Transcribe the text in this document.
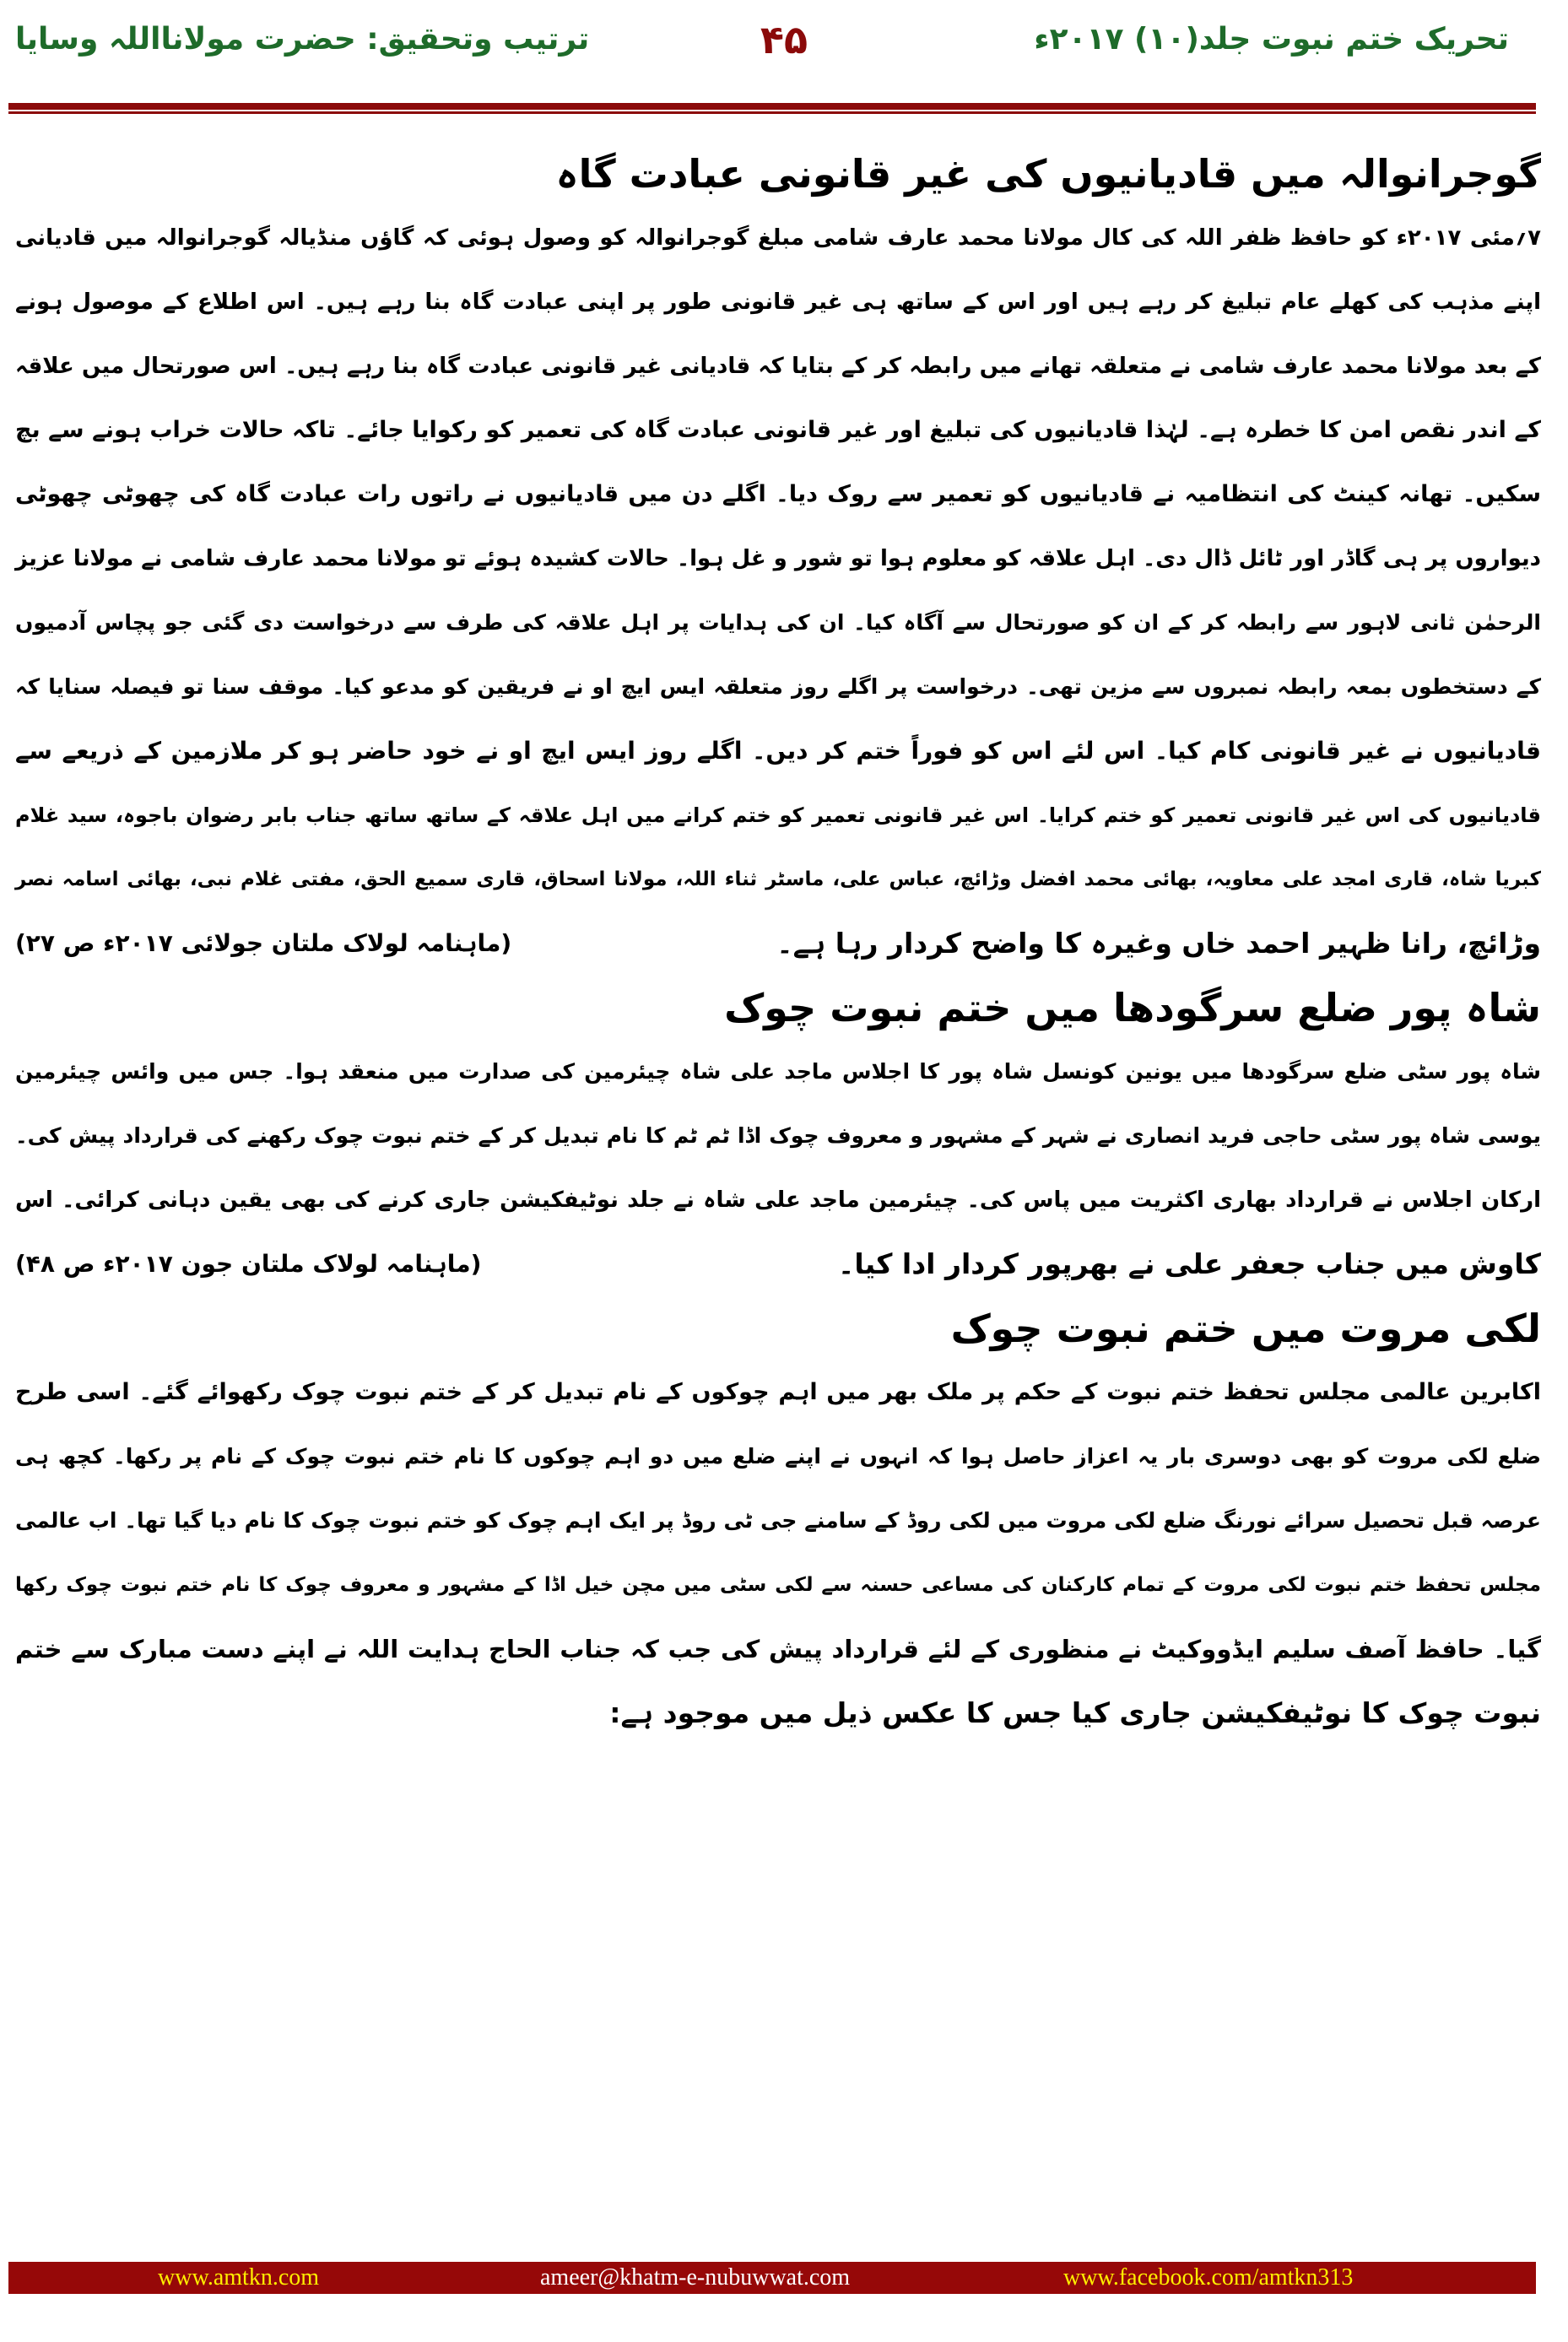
تحریک ختم نبوت جلد(۱۰) ۲۰۱۷ء
۴۵
ترتیب وتحقیق: حضرت مولانااللہ وسایا
گوجرانوالہ میں قادیانیوں کی غیر قانونی عبادت گاہ
۷؍مئی ۲۰۱۷ء کو حافظ ظفر اللہ کی کال مولانا محمد عارف شامی مبلغ گوجرانوالہ کو وصول ہوئی کہ گاؤں منڈیالہ گوجرانوالہ میں قادیانی
اپنے مذہب کی کھلے عام تبلیغ کر رہے ہیں اور اس کے ساتھ ہی غیر قانونی طور پر اپنی عبادت گاہ بنا رہے ہیں۔ اس اطلاع کے موصول ہونے
کے بعد مولانا محمد عارف شامی نے متعلقہ تھانے میں رابطہ کر کے بتایا کہ قادیانی غیر قانونی عبادت گاہ بنا رہے ہیں۔ اس صورتحال میں علاقہ
کے اندر نقص امن کا خطرہ ہے۔ لہٰذا قادیانیوں کی تبلیغ اور غیر قانونی عبادت گاہ کی تعمیر کو رکوایا جائے۔ تاکہ حالات خراب ہونے سے بچ
سکیں۔ تھانہ کینٹ کی انتظامیہ نے قادیانیوں کو تعمیر سے روک دیا۔ اگلے دن میں قادیانیوں نے راتوں رات عبادت گاہ کی چھوٹی چھوٹی
دیواروں پر ہی گاڈر اور ٹائل ڈال دی۔ اہل علاقہ کو معلوم ہوا تو شور و غل ہوا۔ حالات کشیدہ ہوئے تو مولانا محمد عارف شامی نے مولانا عزیز
الرحمٰن ثانی لاہور سے رابطہ کر کے ان کو صورتحال سے آگاہ کیا۔ ان کی ہدایات پر اہل علاقہ کی طرف سے درخواست دی گئی جو پچاس آدمیوں
کے دستخطوں بمعہ رابطہ نمبروں سے مزین تھی۔ درخواست پر اگلے روز متعلقہ ایس ایچ او نے فریقین کو مدعو کیا۔ موقف سنا تو فیصلہ سنایا کہ
قادیانیوں نے غیر قانونی کام کیا۔ اس لئے اس کو فوراً ختم کر دیں۔ اگلے روز ایس ایچ او نے خود حاضر ہو کر ملازمین کے ذریعے سے
قادیانیوں کی اس غیر قانونی تعمیر کو ختم کرایا۔ اس غیر قانونی تعمیر کو ختم کرانے میں اہل علاقہ کے ساتھ ساتھ جناب بابر رضوان باجوہ، سید غلام
کبریا شاہ، قاری امجد علی معاویہ، بھائی محمد افضل وڑائچ، عباس علی، ماسٹر ثناء اللہ، مولانا اسحاق، قاری سمیع الحق، مفتی غلام نبی، بھائی اسامہ نصر
وڑائچ، رانا ظہیر احمد خاں وغیرہ کا واضح کردار رہا ہے۔
(ماہنامہ لولاک ملتان جولائی ۲۰۱۷ء ص ۲۷)
شاہ پور ضلع سرگودھا میں ختم نبوت چوک
شاہ پور سٹی ضلع سرگودھا میں یونین کونسل شاہ پور کا اجلاس ماجد علی شاہ چیئرمین کی صدارت میں منعقد ہوا۔ جس میں وائس چیئرمین
یوسی شاہ پور سٹی حاجی فرید انصاری نے شہر کے مشہور و معروف چوک اڈا ٹم ٹم کا نام تبدیل کر کے ختم نبوت چوک رکھنے کی قرارداد پیش کی۔
ارکان اجلاس نے قرارداد بھاری اکثریت میں پاس کی۔ چیئرمین ماجد علی شاہ نے جلد نوٹیفکیشن جاری کرنے کی بھی یقین دہانی کرائی۔ اس
کاوش میں جناب جعفر علی نے بھرپور کردار ادا کیا۔
(ماہنامہ لولاک ملتان جون ۲۰۱۷ء ص ۴۸)
لکی مروت میں ختم نبوت چوک
اکابرین عالمی مجلس تحفظ ختم نبوت کے حکم پر ملک بھر میں اہم چوکوں کے نام تبدیل کر کے ختم نبوت چوک رکھوائے گئے۔ اسی طرح
ضلع لکی مروت کو بھی دوسری بار یہ اعزاز حاصل ہوا کہ انہوں نے اپنے ضلع میں دو اہم چوکوں کا نام ختم نبوت چوک کے نام پر رکھا۔ کچھ ہی
عرصہ قبل تحصیل سرائے نورنگ ضلع لکی مروت میں لکی روڈ کے سامنے جی ٹی روڈ پر ایک اہم چوک کو ختم نبوت چوک کا نام دیا گیا تھا۔ اب عالمی
مجلس تحفظ ختم نبوت لکی مروت کے تمام کارکنان کی مساعی حسنہ سے لکی سٹی میں مچن خیل اڈا کے مشہور و معروف چوک کا نام ختم نبوت چوک رکھا
گیا۔ حافظ آصف سلیم ایڈووکیٹ نے منظوری کے لئے قرارداد پیش کی جب کہ جناب الحاج ہدایت اللہ نے اپنے دست مبارک سے ختم
نبوت چوک کا نوٹیفکیشن جاری کیا جس کا عکس ذیل میں موجود ہے:
www.amtkn.com	ameer@khatm-e-nubuwwat.com	www.facebook.com/amtkn313
